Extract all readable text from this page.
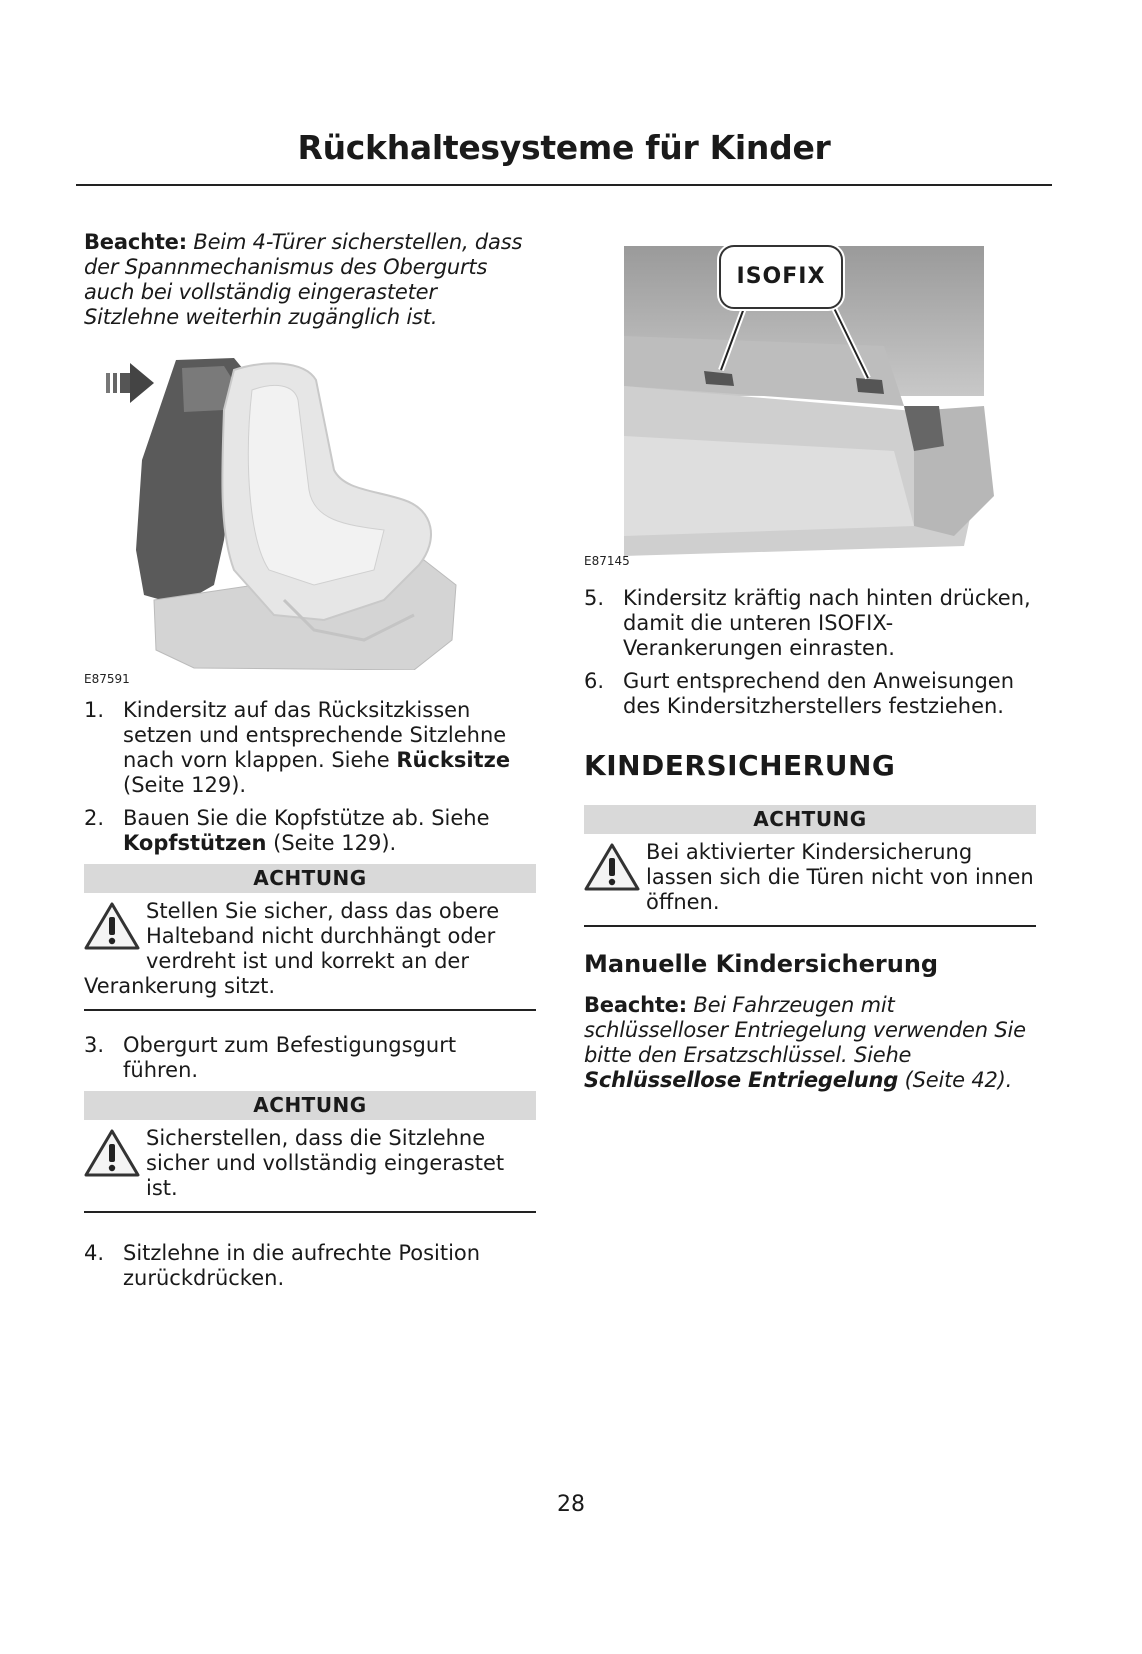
Rückhaltesysteme für Kinder

Beachte: Beim 4-Türer sicherstellen, dass der Spannmechanismus des Obergurts auch bei vollständig eingerasteter Sitzlehne weiterhin zugänglich ist.

E87591
1. Kindersitz auf das Rücksitzkissen setzen und entsprechende Sitzlehne nach vorn klappen. Siehe Rücksitze (Seite 129).
2. Bauen Sie die Kopfstütze ab. Siehe Kopfstützen (Seite 129).
ACHTUNG
Stellen Sie sicher, dass das obere Halteband nicht durchhängt oder verdreht ist und korrekt an der Verankerung sitzt.
3. Obergurt zum Befestigungsgurt führen.
ACHTUNG
Sicherstellen, dass die Sitzlehne sicher und vollständig eingerastet ist.
4. Sitzlehne in die aufrechte Position zurückdrücken.
ISOFIX
E87145
5. Kindersitz kräftig nach hinten drücken, damit die unteren ISOFIX-Verankerungen einrasten.
6. Gurt entsprechend den Anweisungen des Kindersitzherstellers festziehen.
KINDERSICHERUNG
ACHTUNG
Bei aktivierter Kindersicherung lassen sich die Türen nicht von innen öffnen.
Manuelle Kindersicherung

Beachte: Bei Fahrzeugen mit schlüsselloser Entriegelung verwenden Sie bitte den Ersatzschlüssel. Siehe Schlüssellose Entriegelung (Seite 42).

28
